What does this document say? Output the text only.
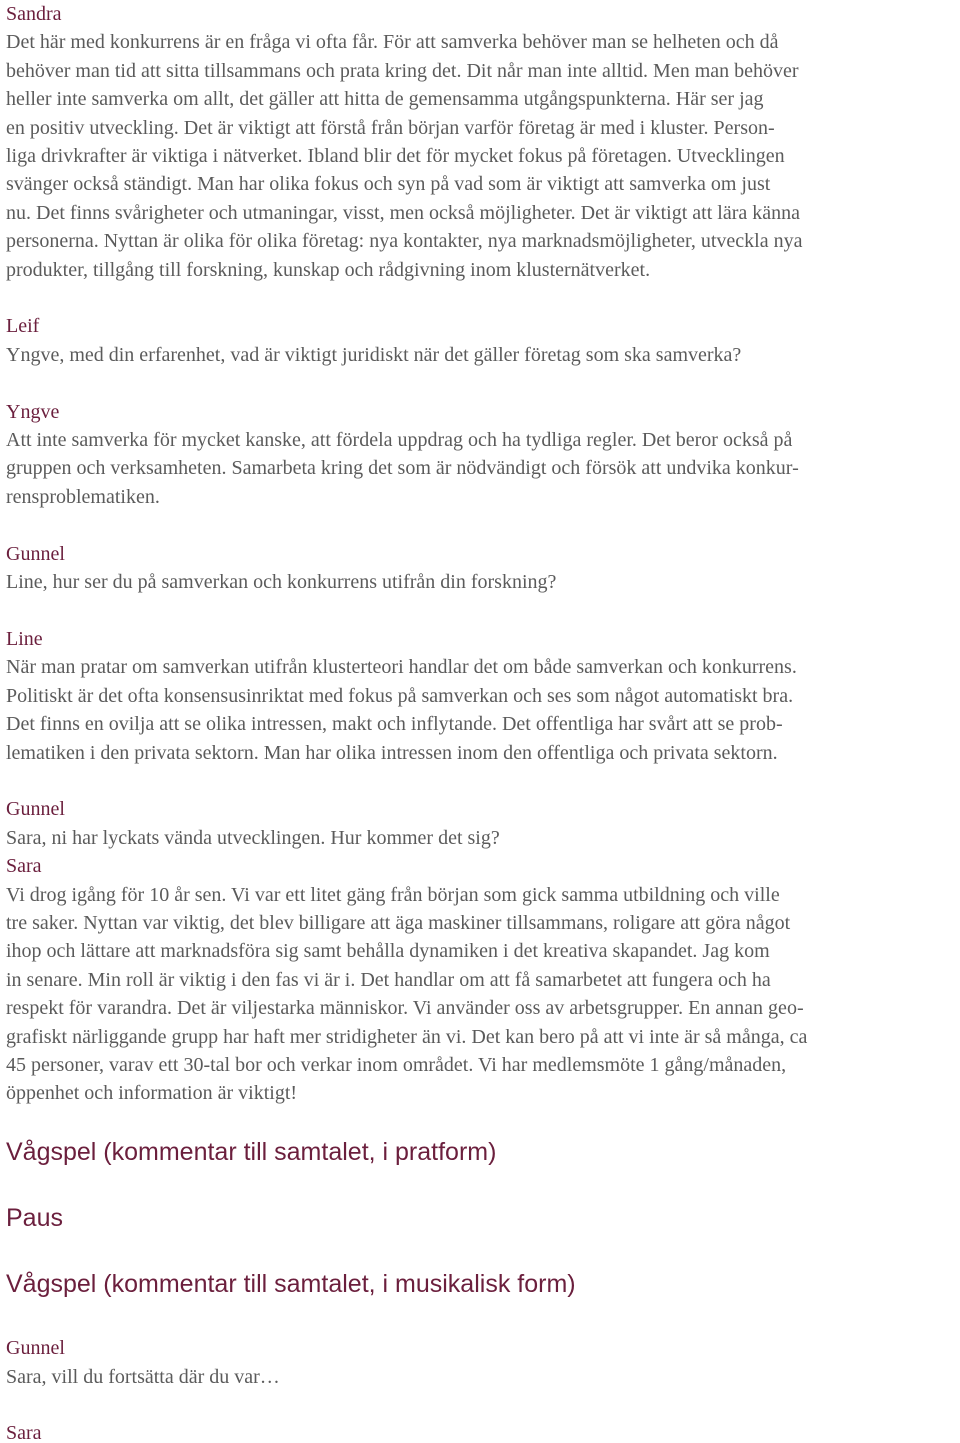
Sandra
Det här med konkurrens är en fråga vi ofta får. För att samverka behöver man se helheten och då
behöver man tid att sitta tillsammans och prata kring det. Dit når man inte alltid. Men man behöver
heller inte samverka om allt, det gäller att hitta de gemensamma utgångspunkterna. Här ser jag
en positiv utveckling. Det är viktigt att förstå från början varför företag är med i kluster. Person-
liga drivkrafter är viktiga i nätverket. Ibland blir det för mycket fokus på företagen. Utvecklingen
svänger också ständigt. Man har olika fokus och syn på vad som är viktigt att samverka om just
nu. Det finns svårigheter och utmaningar, visst, men också möjligheter. Det är viktigt att lära känna
personerna. Nyttan är olika för olika företag: nya kontakter, nya marknadsmöjligheter, utveckla nya
produkter, tillgång till forskning, kunskap och rådgivning inom klusternätverket.
Leif
Yngve, med din erfarenhet, vad är viktigt juridiskt när det gäller företag som ska samverka?
Yngve
Att inte samverka för mycket kanske, att fördela uppdrag och ha tydliga regler. Det beror också på
gruppen och verksamheten. Samarbeta kring det som är nödvändigt och försök att undvika konkur-
rensproblematiken.
Gunnel
Line, hur ser du på samverkan och konkurrens utifrån din forskning?
Line
När man pratar om samverkan utifrån klusterteori handlar det om både samverkan och konkurrens.
Politiskt är det ofta konsensusinriktat med fokus på samverkan och ses som något automatiskt bra.
Det finns en ovilja att se olika intressen, makt och inflytande. Det offentliga har svårt att se prob-
lematiken i den privata sektorn. Man har olika intressen inom den offentliga och privata sektorn.
Gunnel
Sara, ni har lyckats vända utvecklingen. Hur kommer det sig?
Sara
Vi drog igång för 10 år sen. Vi var ett litet gäng från början som gick samma utbildning och ville
tre saker. Nyttan var viktig, det blev billigare att äga maskiner tillsammans, roligare att göra något
ihop och lättare att marknadsföra sig samt behålla dynamiken i det kreativa skapandet. Jag kom
in senare. Min roll är viktig i den fas vi är i. Det handlar om att få samarbetet att fungera och ha
respekt för varandra. Det är viljestarka människor. Vi använder oss av arbetsgrupper. En annan geo-
grafiskt närliggande grupp har haft mer stridigheter än vi. Det kan bero på att vi inte är så många, ca
45 personer, varav ett 30-tal bor och verkar inom området. Vi har medlemsmöte 1 gång/månaden,
öppenhet och information är viktigt!
Vågspel (kommentar till samtalet, i pratform)
Paus
Vågspel (kommentar till samtalet, i musikalisk form)
Gunnel
Sara, vill du fortsätta där du var…
Sara
